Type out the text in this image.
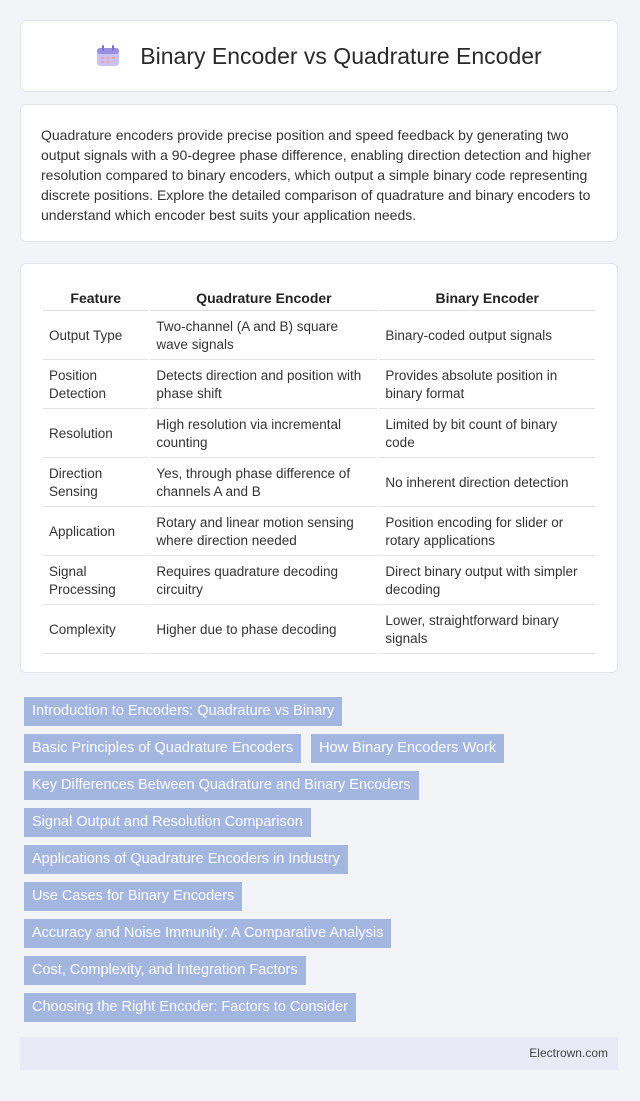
Binary Encoder vs Quadrature Encoder

Quadrature encoders provide precise position and speed feedback by generating two output signals with a 90-degree phase difference, enabling direction detection and higher resolution compared to binary encoders, which output a simple binary code representing discrete positions. Explore the detailed comparison of quadrature and binary encoders to understand which encoder best suits your application needs.

Feature	Quadrature Encoder	Binary Encoder
Output Type	Two-channel (A and B) square wave signals	Binary-coded output signals
Position Detection	Detects direction and position with phase shift	Provides absolute position in binary format
Resolution	High resolution via incremental counting	Limited by bit count of binary code
Direction Sensing	Yes, through phase difference of channels A and B	No inherent direction detection
Application	Rotary and linear motion sensing where direction needed	Position encoding for slider or rotary applications
Signal Processing	Requires quadrature decoding circuitry	Direct binary output with simpler decoding
Complexity	Higher due to phase decoding	Lower, straightforward binary signals
Introduction to Encoders: Quadrature vs Binary
Basic Principles of Quadrature Encoders	How Binary Encoders Work
Key Differences Between Quadrature and Binary Encoders
Signal Output and Resolution Comparison
Applications of Quadrature Encoders in Industry
Use Cases for Binary Encoders
Accuracy and Noise Immunity: A Comparative Analysis
Cost, Complexity, and Integration Factors
Choosing the Right Encoder: Factors to Consider
Electrown.com
